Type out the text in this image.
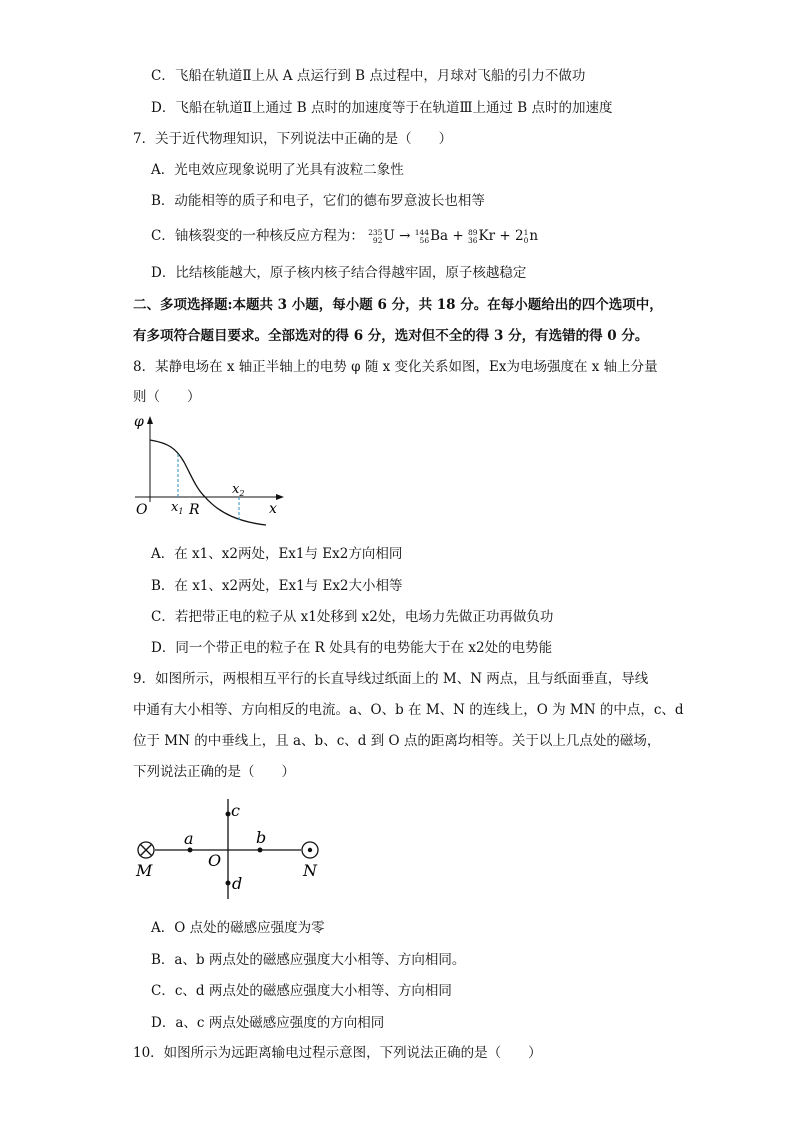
C．飞船在轨道Ⅱ上从 A 点运行到 B 点过程中，月球对飞船的引力不做功
D．飞船在轨道Ⅱ上通过 B 点时的加速度等于在轨道Ⅲ上通过 B 点时的加速度
7．关于近代物理知识，下列说法中正确的是（　　）
A．光电效应现象说明了光具有波粒二象性
B．动能相等的质子和电子，它们的德布罗意波长也相等
C．铀核裂变的一种核反应方程为： 235
92 U → 144
56 Ba + 89
36 Kr + 2 1
0 n
D．比结核能越大，原子核内核子结合得越牢固，原子核越稳定
二、多项选择题:本题共 3 小题，每小题 6 分，共 18 分。在每小题给出的四个选项中，
有多项符合题目要求。全部选对的得 6 分，选对但不全的得 3 分，有选错的得 0 分。
8．某静电场在 x 轴正半轴上的电势 φ 随 x 变化关系如图，Ex为电场强度在 x 轴上分量
则（　　）
φ
O $x_1$ R
$x_2$
x
A．在 x1、x2两处，Ex1与 Ex2方向相同
B．在 x1、x2两处，Ex1与 Ex2大小相等
C．若把带正电的粒子从 x1处移到 x2处，电场力先做正功再做负功
D．同一个带正电的粒子在 R 处具有的电势能大于在 x2处的电势能
9．如图所示，两根相互平行的长直导线过纸面上的 M、N 两点，且与纸面垂直，导线
中通有大小相等、方向相反的电流。a、O、b 在 M、N 的连线上，O 为 MN 的中点，c、d
位于 MN 的中垂线上，且 a、b、c、d 到 O 点的距离均相等。关于以上几点处的磁场，
下列说法正确的是（　　）
M	N
O
a	b
c
d
A．O 点处的磁感应强度为零
B．a、b 两点处的磁感应强度大小相等、方向相同。
C．c、d 两点处的磁感应强度大小相等、方向相同
D．a、c 两点处磁感应强度的方向相同
10．如图所示为远距离输电过程示意图，下列说法正确的是（　　）
